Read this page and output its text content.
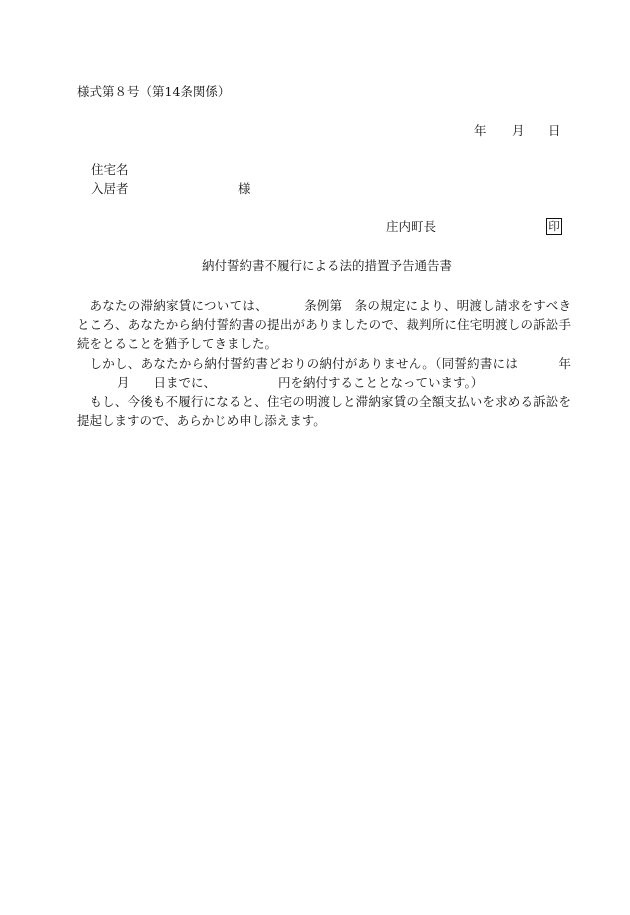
様式第８号（第14条関係）
年 月 日
住宅名
入居者	様
庄内町長	印
納付誓約書不履行による法的措置予告通告書

あなたの滞納家賃については、	条例第 条の規定により、明渡し請求をすべきところ、あなたから納付誓約書の提出がありましたので、裁判所に住宅明渡しの訴訟手続をとることを猶予してきました。

しかし、あなたから納付誓約書どおりの納付がありません。（同誓約書には	年月 日までに、	円を納付することとなっています。）

もし、今後も不履行になると、住宅の明渡しと滞納家賃の全額支払いを求める訴訟を提起しますので、あらかじめ申し添えます。
